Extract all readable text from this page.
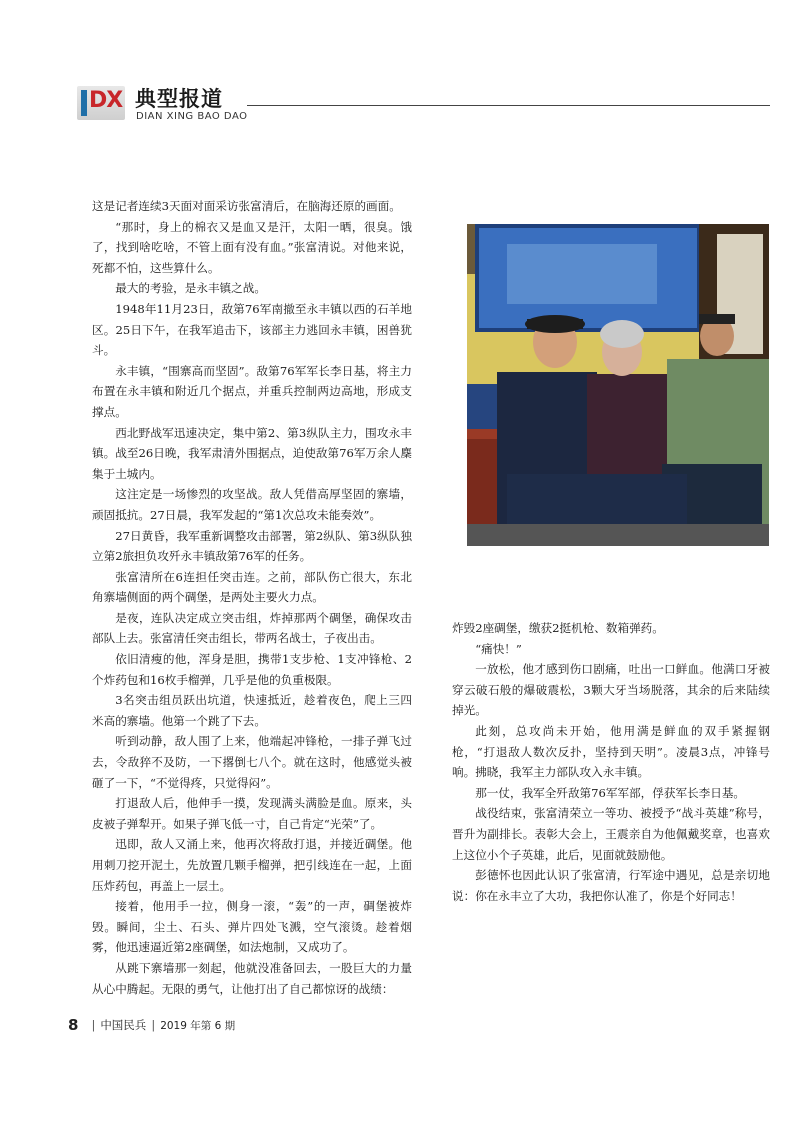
DX 典型报道
DIAN XING BAO DAO

这是记者连续3天面对面采访张富清后，在脑海还原的画面。

“那时，身上的棉衣又是血又是汗，太阳一晒，很臭。饿了，找到啥吃啥，不管上面有没有血。”张富清说。对他来说，死都不怕，这些算什么。

最大的考验，是永丰镇之战。

1948年11月23日，敌第76军南撤至永丰镇以西的石羊地区。25日下午，在我军追击下，该部主力逃回永丰镇，困兽犹斗。

永丰镇，“围寨高而坚固”。敌第76军军长李日基，将主力布置在永丰镇和附近几个据点，并重兵控制两边高地，形成支撑点。

西北野战军迅速决定，集中第2、第3纵队主力，围攻永丰镇。战至26日晚，我军肃清外围据点，迫使敌第76军万余人麇集于土城内。

这注定是一场惨烈的攻坚战。敌人凭借高厚坚固的寨墙，顽固抵抗。27日晨，我军发起的“第1次总攻未能奏效”。

27日黄昏，我军重新调整攻击部署，第2纵队、第3纵队独立第2旅担负攻歼永丰镇敌第76军的任务。

张富清所在6连担任突击连。之前，部队伤亡很大，东北角寨墙侧面的两个碉堡，是两处主要火力点。

是夜，连队决定成立突击组，炸掉那两个碉堡，确保攻击部队上去。张富清任突击组长，带两名战士，子夜出击。

依旧清瘦的他，浑身是胆，携带1支步枪、1支冲锋枪、2个炸药包和16枚手榴弹，几乎是他的负重极限。

3名突击组员跃出坑道，快速抵近，趁着夜色，爬上三四米高的寨墙。他第一个跳了下去。

听到动静，敌人围了上来，他端起冲锋枪，一排子弹飞过去，令敌猝不及防，一下撂倒七八个。就在这时，他感觉头被砸了一下，“不觉得疼，只觉得闷”。

打退敌人后，他伸手一摸，发现满头满脸是血。原来，头皮被子弹犁开。如果子弹飞低一寸，自己肯定“光荣”了。

迅即，敌人又涌上来，他再次将敌打退，并接近碉堡。他用刺刀挖开泥土，先放置几颗手榴弹，把引线连在一起，上面压炸药包，再盖上一层土。

接着，他用手一拉，侧身一滚，“轰”的一声，碉堡被炸毁。瞬间，尘土、石头、弹片四处飞溅，空气滚烫。趁着烟雾，他迅速逼近第2座碉堡，如法炮制，又成功了。

从跳下寨墙那一刻起，他就没准备回去，一股巨大的力量从心中腾起。无限的勇气，让他打出了自己都惊讶的战绩：

炸毁2座碉堡，缴获2挺机枪、数箱弹药。

“痛快！”

一放松，他才感到伤口剧痛，吐出一口鲜血。他满口牙被穿云破石般的爆破震松，3颗大牙当场脱落，其余的后来陆续掉光。

此刻，总攻尚未开始，他用满是鲜血的双手紧握钢枪，“打退敌人数次反扑，坚持到天明”。凌晨3点，冲锋号响。拂晓，我军主力部队攻入永丰镇。

那一仗，我军全歼敌第76军军部，俘获军长李日基。

战役结束，张富清荣立一等功、被授予“战斗英雄”称号，晋升为副排长。表彰大会上，王震亲自为他佩戴奖章，也喜欢上这位小个子英雄，此后，见面就鼓励他。

彭德怀也因此认识了张富清，行军途中遇见，总是亲切地说：你在永丰立了大功，我把你认准了，你是个好同志！

8 | 中国民兵 | 2019 年第 6 期
